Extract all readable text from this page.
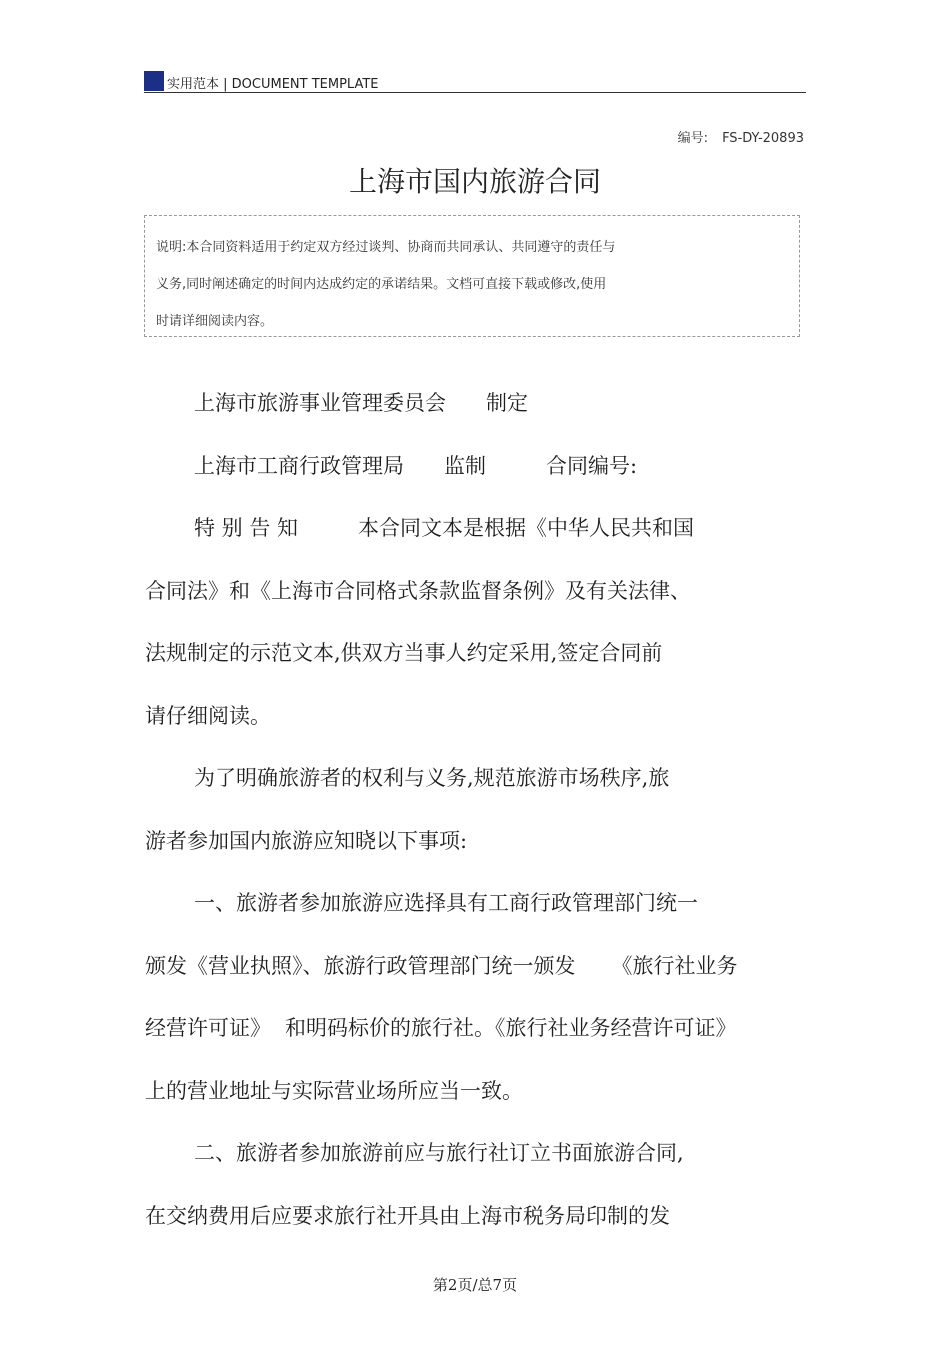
实用范本 | DOCUMENT TEMPLATE
编号: FS-DY-20893
上海市国内旅游合同
说明:本合同资料适用于约定双方经过谈判、协商而共同承认、共同遵守的责任与
义务,同时阐述确定的时间内达成约定的承诺结果。文档可直接下载或修改,使用
时请详细阅读内容。
上海市旅游事业管理委员会 制定
上海市工商行政管理局 监制	合同编号:
特 别 告 知	本合同文本是根据《中华人民共和国
合同法》和《上海市合同格式条款监督条例》及有关法律、
法规制定的示范文本,供双方当事人约定采用,签定合同前
请仔细阅读。
为了明确旅游者的权利与义务,规范旅游市场秩序,旅
游者参加国内旅游应知晓以下事项:
一、旅游者参加旅游应选择具有工商行政管理部门统一
颁发《营业执照》、旅游行政管理部门统一颁发 《旅行社业务
经营许可证》 和明码标价的旅行社。《旅行社业务经营许可证》
上的营业地址与实际营业场所应当一致。
二、旅游者参加旅游前应与旅行社订立书面旅游合同,
在交纳费用后应要求旅行社开具由上海市税务局印制的发
第2页/总7页
